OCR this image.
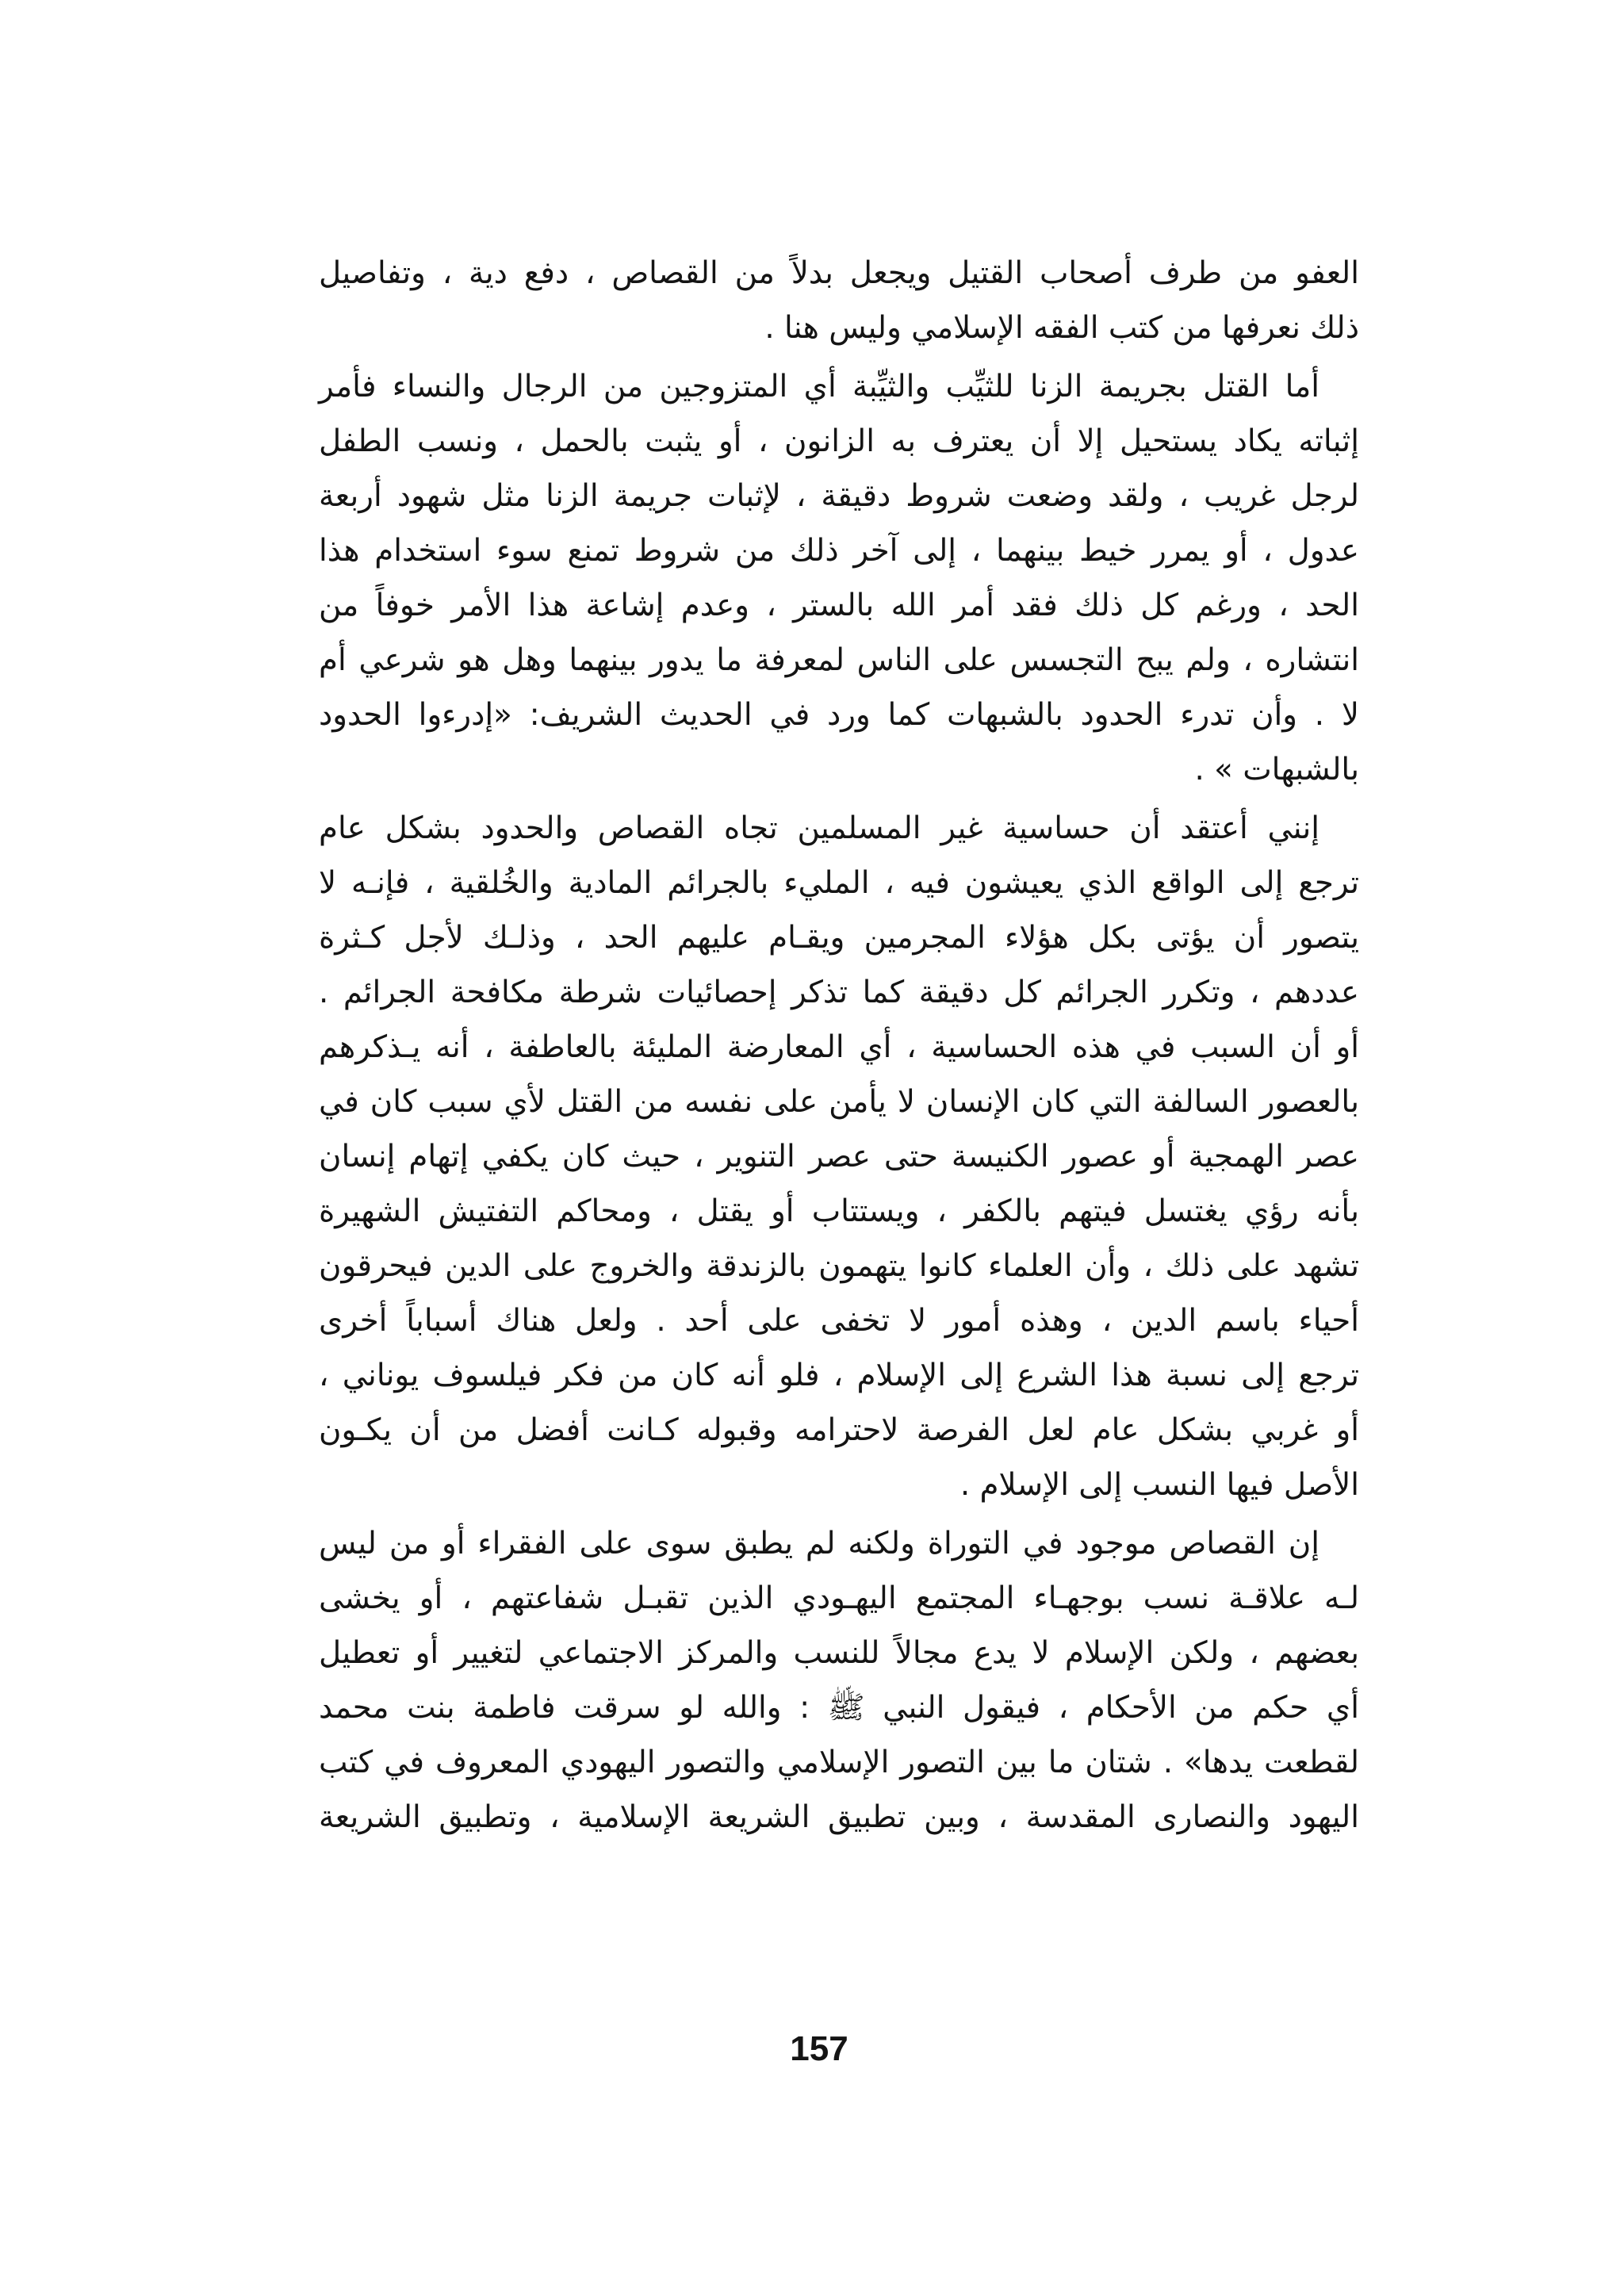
العفو من طرف أصحاب القتيل ويجعل بدلاً من القصاص ، دفع دية ، وتفاصيل
ذلك نعرفها من كتب الفقه الإسلامي وليس هنا .
أما القتل بجريمة الزنا للثيِّب والثيِّبة أي المتزوجين من الرجال والنساء فأمر
إثباته يكاد يستحيل إلا أن يعترف به الزانون ، أو يثبت بالحمل ، ونسب الطفل
لرجل غريب ، ولقد وضعت شروط دقيقة ، لإثبات جريمة الزنا مثل شهود أربعة
عدول ، أو يمرر خيط بينهما ، إلى آخر ذلك من شروط تمنع سوء استخدام هذا
الحد ، ورغم كل ذلك فقد أمر الله بالستر ، وعدم إشاعة هذا الأمر خوفاً من
انتشاره ، ولم يبح التجسس على الناس لمعرفة ما يدور بينهما وهل هو شرعي أم
لا . وأن تدرء الحدود بالشبهات كما ورد في الحديث الشريف: «إدرءوا الحدود
بالشبهات » .
إنني أعتقد أن حساسية غير المسلمين تجاه القصاص والحدود بشكل عام
ترجع إلى الواقع الذي يعيشون فيه ، المليء بالجرائم المادية والخُلقية ، فإنـه لا
يتصور أن يؤتى بكل هؤلاء المجرمين ويقـام عليهم الحد ، وذلـك لأجل كـثرة
عددهم ، وتكرر الجرائم كل دقيقة كما تذكر إحصائيات شرطة مكافحة الجرائم .
أو أن السبب في هذه الحساسية ، أي المعارضة المليئة بالعاطفة ، أنه يـذكرهم
بالعصور السالفة التي كان الإنسان لا يأمن على نفسه من القتل لأي سبب كان في
عصر الهمجية أو عصور الكنيسة حتى عصر التنوير ، حيث كان يكفي إتهام إنسان
بأنه رؤي يغتسل فيتهم بالكفر ، ويستتاب أو يقتل ، ومحاكم التفتيش الشهيرة
تشهد على ذلك ، وأن العلماء كانوا يتهمون بالزندقة والخروج على الدين فيحرقون
أحياء باسم الدين ، وهذه أمور لا تخفى على أحد . ولعل هناك أسباباً أخرى
ترجع إلى نسبة هذا الشرع إلى الإسلام ، فلو أنه كان من فكر فيلسوف يوناني ،
أو غربي بشكل عام لعل الفرصة لاحترامه وقبوله كـانت أفضل من أن يكـون
الأصل فيها النسب إلى الإسلام .
إن القصاص موجود في التوراة ولكنه لم يطبق سوى على الفقراء أو من ليس
لـه علاقـة نسب بوجهـاء المجتمع اليهـودي الذين تقبـل شفاعتهم ، أو يخشى
بعضهم ، ولكن الإسلام لا يدع مجالاً للنسب والمركز الاجتماعي لتغيير أو تعطيل
أي حكم من الأحكام ، فيقول النبي ﷺ : والله لو سرقت فاطمة بنت محمد
لقطعت يدها» . شتان ما بين التصور الإسلامي والتصور اليهودي المعروف في كتب
اليهود والنصارى المقدسة ، وبين تطبيق الشريعة الإسلامية ، وتطبيق الشريعة
157
